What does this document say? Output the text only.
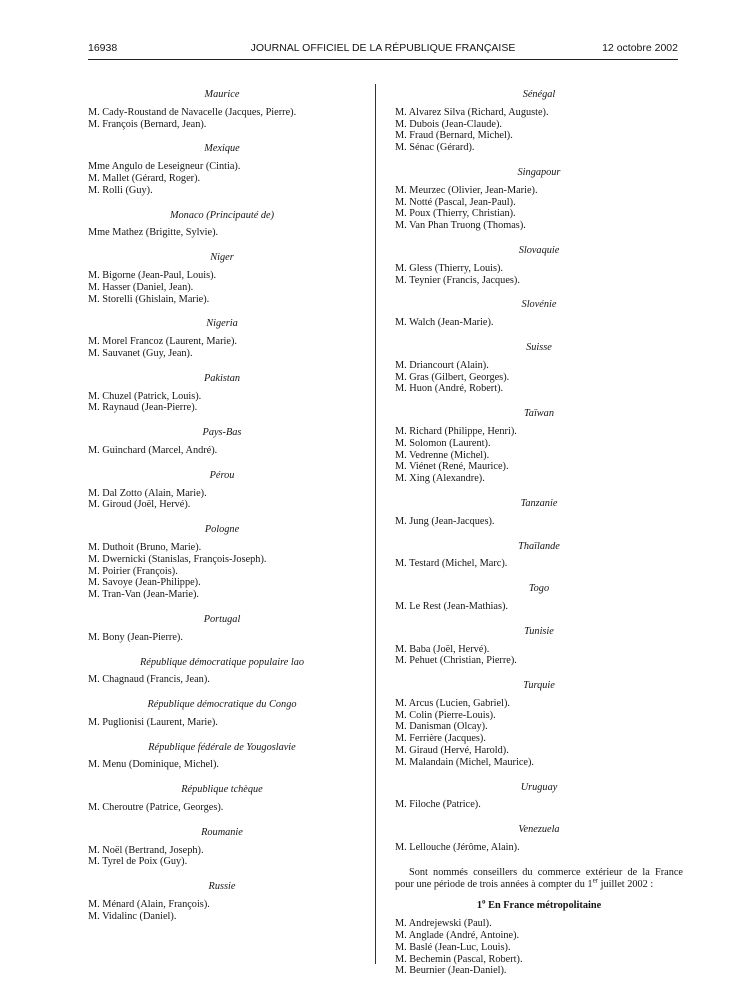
16938	JOURNAL OFFICIEL DE LA RÉPUBLIQUE FRANÇAISE	12 octobre 2002
Maurice
M. Cady-Roustand de Navacelle (Jacques, Pierre).
M. François (Bernard, Jean).
Mexique
Mme Angulo de Leseigneur (Cintia).
M. Mallet (Gérard, Roger).
M. Rolli (Guy).
Monaco (Principauté de)
Mme Mathez (Brigitte, Sylvie).
Niger
M. Bigorne (Jean-Paul, Louis).
M. Hasser (Daniel, Jean).
M. Storelli (Ghislain, Marie).
Nigeria
M. Morel Francoz (Laurent, Marie).
M. Sauvanet (Guy, Jean).
Pakistan
M. Chuzel (Patrick, Louis).
M. Raynaud (Jean-Pierre).
Pays-Bas
M. Guinchard (Marcel, André).
Pérou
M. Dal Zotto (Alain, Marie).
M. Giroud (Joël, Hervé).
Pologne
M. Duthoit (Bruno, Marie).
M. Dwernicki (Stanislas, François-Joseph).
M. Poirier (François).
M. Savoye (Jean-Philippe).
M. Tran-Van (Jean-Marie).
Portugal
M. Bony (Jean-Pierre).
République démocratique populaire lao
M. Chagnaud (Francis, Jean).
République démocratique du Congo
M. Puglionisi (Laurent, Marie).
République fédérale de Yougoslavie
M. Menu (Dominique, Michel).
République tchèque
M. Cheroutre (Patrice, Georges).
Roumanie
M. Noël (Bertrand, Joseph).
M. Tyrel de Poix (Guy).
Russie
M. Ménard (Alain, François).
M. Vidalinc (Daniel).
Sénégal
M. Alvarez Silva (Richard, Auguste).
M. Dubois (Jean-Claude).
M. Fraud (Bernard, Michel).
M. Sénac (Gérard).
Singapour
M. Meurzec (Olivier, Jean-Marie).
M. Notté (Pascal, Jean-Paul).
M. Poux (Thierry, Christian).
M. Van Phan Truong (Thomas).
Slovaquie
M. Gless (Thierry, Louis).
M. Teynier (Francis, Jacques).
Slovénie
M. Walch (Jean-Marie).
Suisse
M. Driancourt (Alain).
M. Gras (Gilbert, Georges).
M. Huon (André, Robert).
Taïwan
M. Richard (Philippe, Henri).
M. Solomon (Laurent).
M. Vedrenne (Michel).
M. Viénet (René, Maurice).
M. Xing (Alexandre).
Tanzanie
M. Jung (Jean-Jacques).
Thaïlande
M. Testard (Michel, Marc).
Togo
M. Le Rest (Jean-Mathias).
Tunisie
M. Baba (Joël, Hervé).
M. Pehuet (Christian, Pierre).
Turquie
M. Arcus (Lucien, Gabriel).
M. Colin (Pierre-Louis).
M. Danisman (Olcay).
M. Ferrière (Jacques).
M. Giraud (Hervé, Harold).
M. Malandain (Michel, Maurice).
Uruguay
M. Filoche (Patrice).
Venezuela
M. Lellouche (Jérôme, Alain).

Sont nommés conseillers du commerce extérieur de la France pour une période de trois années à compter du 1er juillet 2002 :

1$^o$ En France métropolitaine
M. Andrejewski (Paul).
M. Anglade (André, Antoine).
M. Baslé (Jean-Luc, Louis).
M. Bechemin (Pascal, Robert).
M. Beurnier (Jean-Daniel).
